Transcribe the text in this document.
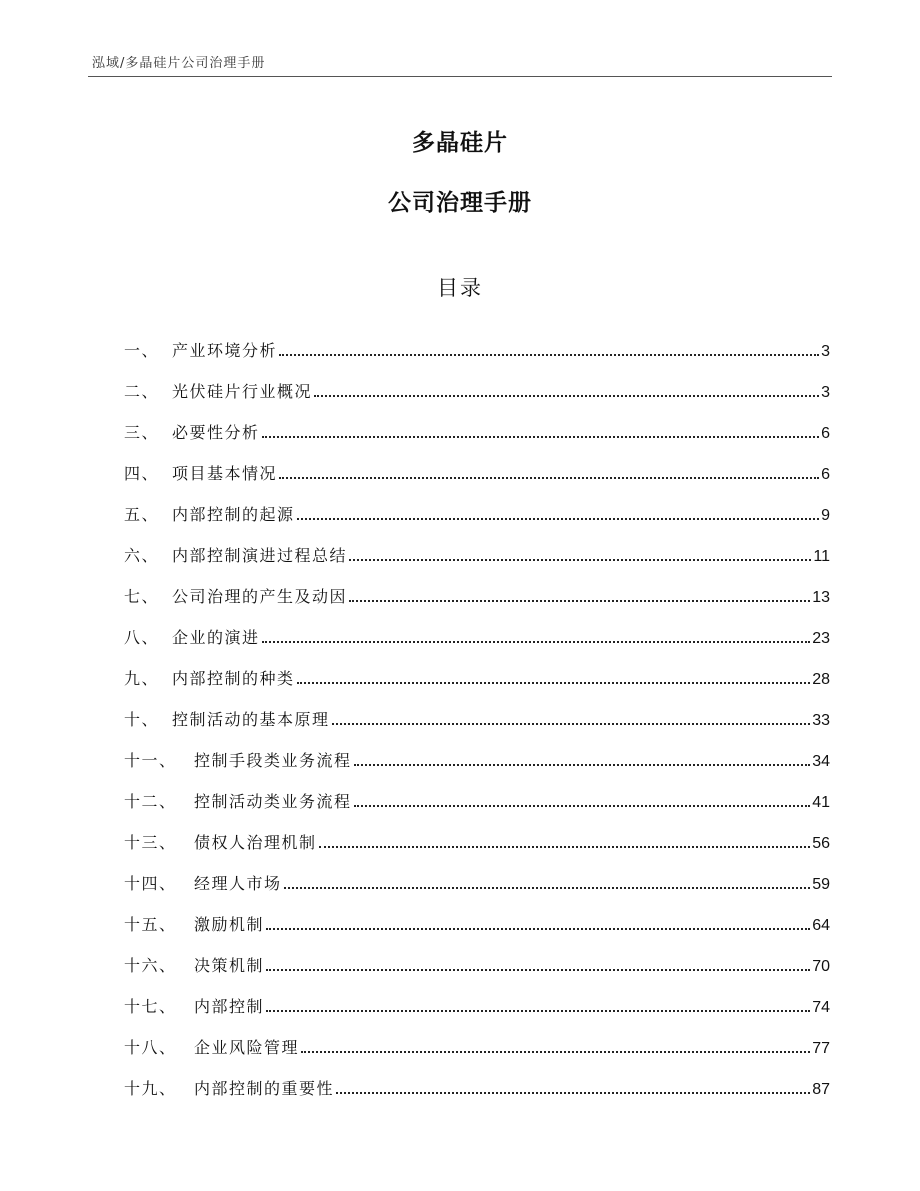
泓域/多晶硅片公司治理手册
多晶硅片
公司治理手册
目录
一、 产业环境分析	3
二、 光伏硅片行业概况	3
三、 必要性分析	6
四、 项目基本情况	6
五、 内部控制的起源	9
六、 内部控制演进过程总结	11
七、 公司治理的产生及动因	13
八、 企业的演进	23
九、 内部控制的种类	28
十、 控制活动的基本原理	33
十一、	控制手段类业务流程	34
十二、	控制活动类业务流程	41
十三、	债权人治理机制	56
十四、	经理人市场	59
十五、	激励机制	64
十六、	决策机制	70
十七、	内部控制	74
十八、	企业风险管理	77
十九、	内部控制的重要性	87
